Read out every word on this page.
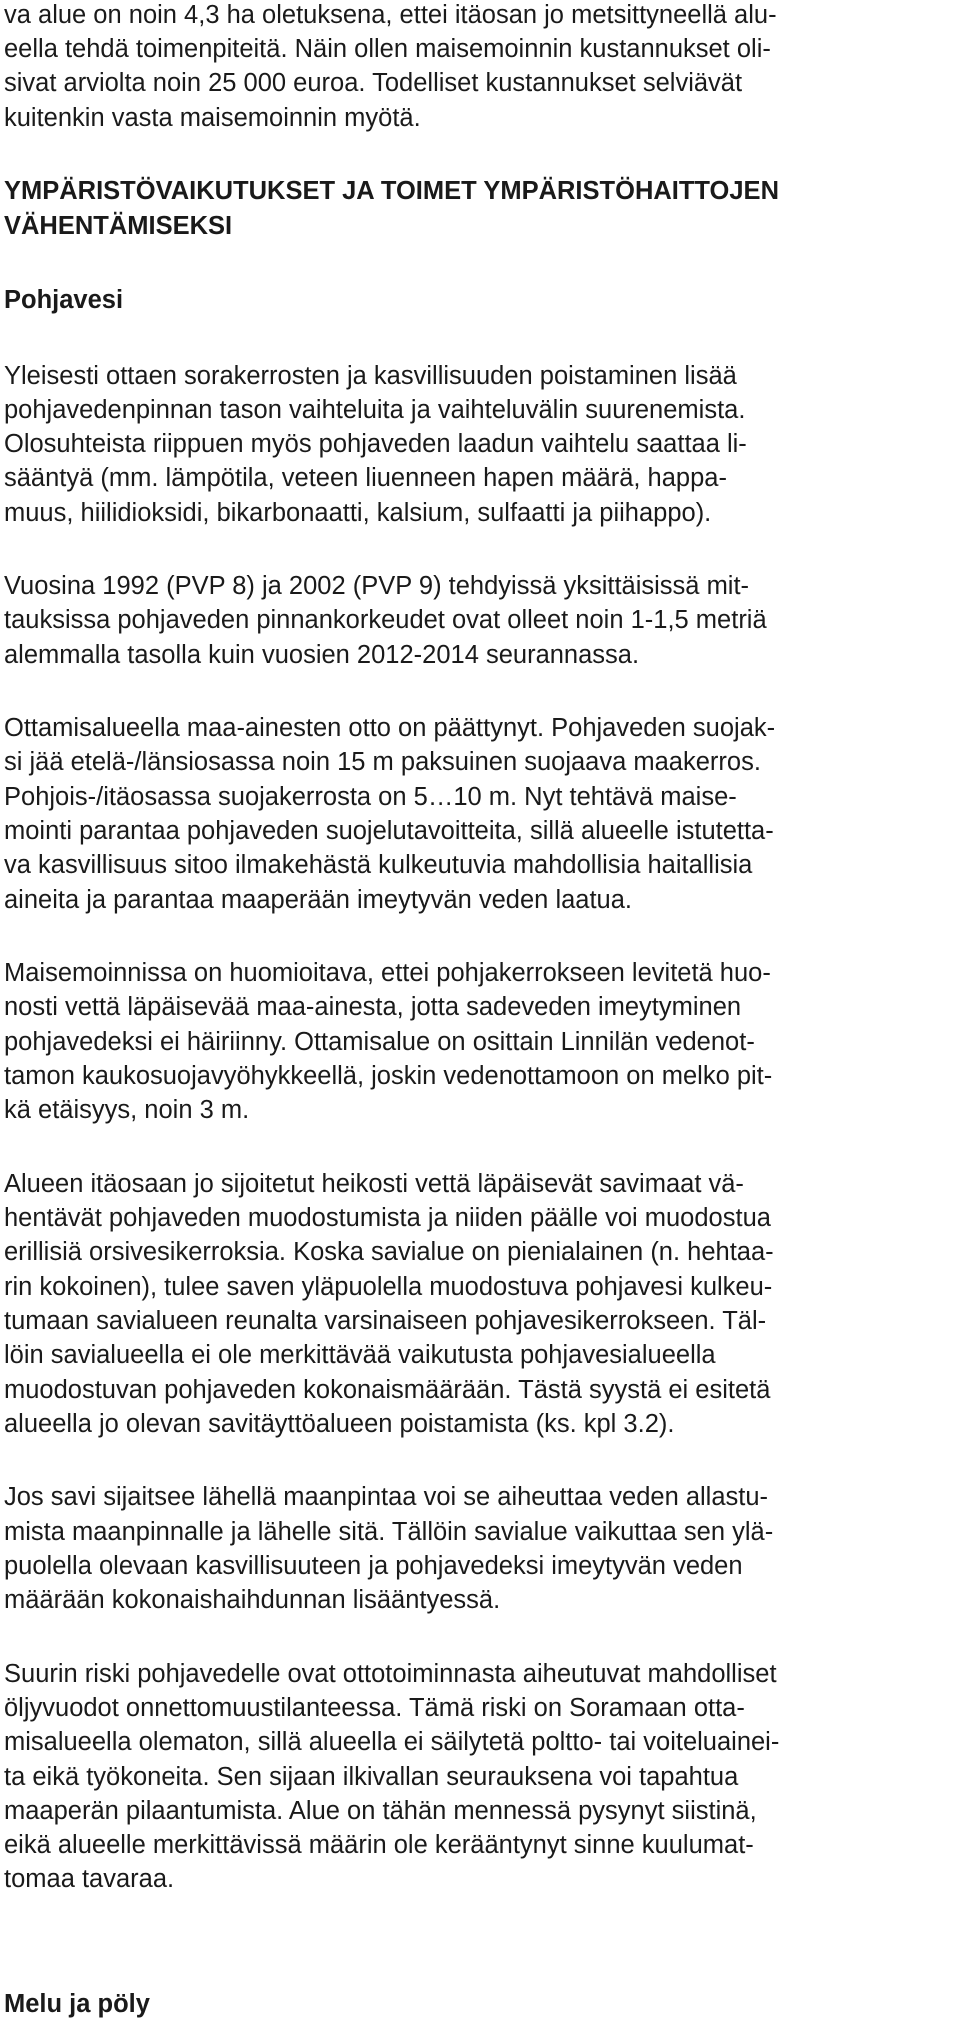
va alue on noin 4,3 ha oletuksena, ettei itäosan jo metsittyneellä alu-
eella tehdä toimenpiteitä. Näin ollen maisemoinnin kustannukset oli-
sivat arviolta noin 25 000 euroa. Todelliset kustannukset selviävät
kuitenkin vasta maisemoinnin myötä.
YMPÄRISTÖVAIKUTUKSET JA TOIMET YMPÄRISTÖHAITTOJEN
VÄHENTÄMISEKSI
Pohjavesi
Yleisesti ottaen sorakerrosten ja kasvillisuuden poistaminen lisää
pohjavedenpinnan tason vaihteluita ja vaihteluvälin suurenemista.
Olosuhteista riippuen myös pohjaveden laadun vaihtelu saattaa li-
sääntyä (mm. lämpötila, veteen liuenneen hapen määrä, happa-
muus, hiilidioksidi, bikarbonaatti, kalsium, sulfaatti ja piihappo).
Vuosina 1992 (PVP 8) ja 2002 (PVP 9) tehdyissä yksittäisissä mit-
tauksissa pohjaveden pinnankorkeudet ovat olleet noin 1-1,5 metriä
alemmalla tasolla kuin vuosien 2012-2014 seurannassa.
Ottamisalueella maa-ainesten otto on päättynyt. Pohjaveden suojak-
si jää etelä-/länsiosassa noin 15 m paksuinen suojaava maakerros.
Pohjois-/itäosassa suojakerrosta on 5…10 m. Nyt tehtävä maise-
mointi parantaa pohjaveden suojelutavoitteita, sillä alueelle istutetta-
va kasvillisuus sitoo ilmakehästä kulkeutuvia mahdollisia haitallisia
aineita ja parantaa maaperään imeytyvän veden laatua.
Maisemoinnissa on huomioitava, ettei pohjakerrokseen levitetä huo-
nosti vettä läpäisevää maa-ainesta, jotta sadeveden imeytyminen
pohjavedeksi ei häiriinny. Ottamisalue on osittain Linnilän vedenot-
tamon kaukosuojavyöhykkeellä, joskin vedenottamoon on melko pit-
kä etäisyys, noin 3 m.
Alueen itäosaan jo sijoitetut heikosti vettä läpäisevät savimaat vä-
hentävät pohjaveden muodostumista ja niiden päälle voi muodostua
erillisiä orsivesikerroksia. Koska savialue on pienialainen (n. hehtaa-
rin kokoinen), tulee saven yläpuolella muodostuva pohjavesi kulkeu-
tumaan savialueen reunalta varsinaiseen pohjavesikerrokseen. Täl-
löin savialueella ei ole merkittävää vaikutusta pohjavesialueella
muodostuvan pohjaveden kokonaismäärään. Tästä syystä ei esitetä
alueella jo olevan savitäyttöalueen poistamista (ks. kpl 3.2).
Jos savi sijaitsee lähellä maanpintaa voi se aiheuttaa veden allastu-
mista maanpinnalle ja lähelle sitä. Tällöin savialue vaikuttaa sen ylä-
puolella olevaan kasvillisuuteen ja pohjavedeksi imeytyvän veden
määrään kokonaishaihdunnan lisääntyessä.
Suurin riski pohjavedelle ovat ottotoiminnasta aiheutuvat mahdolliset
öljyvuodot onnettomuustilanteessa. Tämä riski on Soramaan otta-
misalueella olematon, sillä alueella ei säilytetä poltto- tai voiteluainei-
ta eikä työkoneita. Sen sijaan ilkivallan seurauksena voi tapahtua
maaperän pilaantumista. Alue on tähän mennessä pysynyt siistinä,
eikä alueelle merkittävissä määrin ole kerääntynyt sinne kuulumat-
tomaa tavaraa.
Melu ja pöly
